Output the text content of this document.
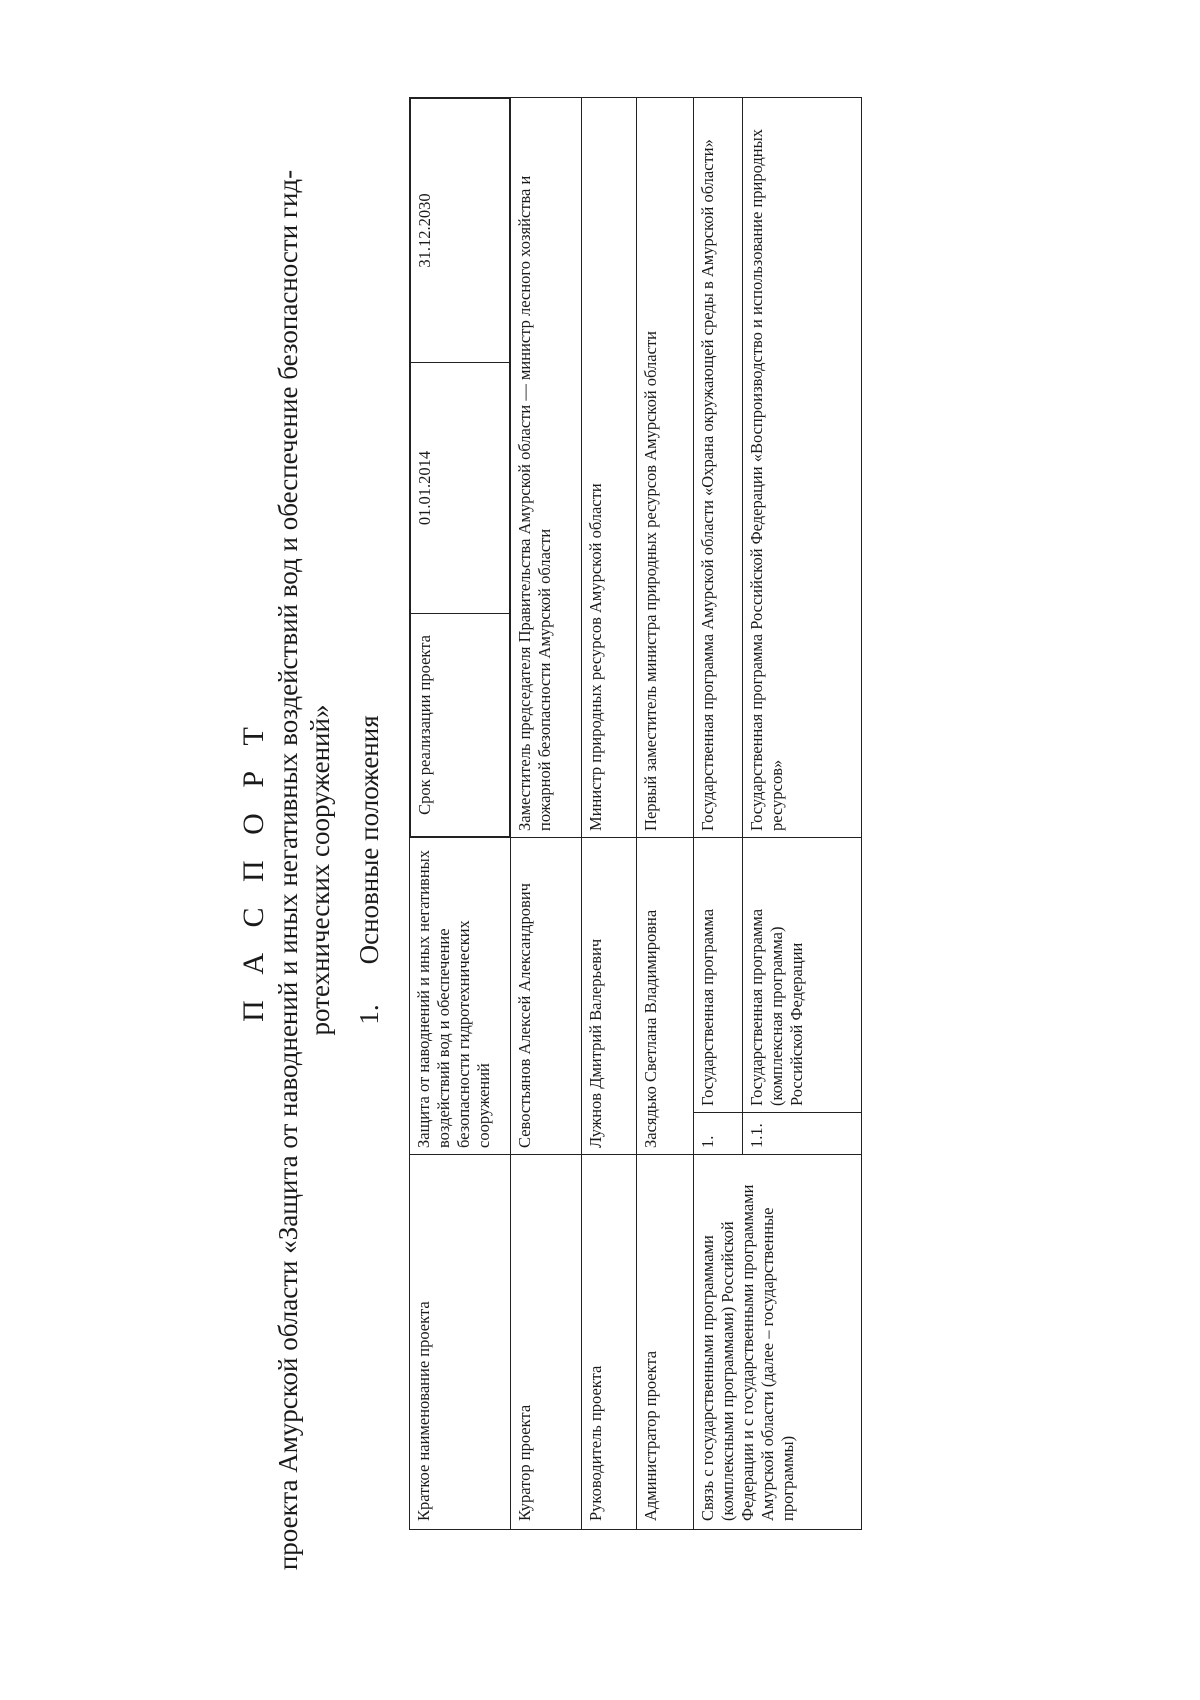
П А С П О Р Т проекта Амурской области «Защита от наводнений и иных негативных воздействий вод и обеспечение безопасности гид- ротехнических сооружений» 1.Основные положения
Краткое наименование проекта	Защита от наводнений и иных негативных воздействий вод и обеспечение безопасности гидротехнических сооружений	
Срок реализации проекта	01.01.2014	31.12.2030

Куратор проекта	Севостьянов Алексей Александрович	Заместитель председателя Правительства Амурской области — министр лесного хозяйства и пожарной безопасности Амурской области
Руководитель проекта	Лужнов Дмитрий Валерьевич	Министр природных ресурсов Амурской области
Администратор проекта	Засядько Светлана Владимировна	Первый заместитель министра природных ресурсов Амурской области
Связь с государственными программами (комплексными программами) Российской Федерации и с государственными программами Амурской области (далее – государственные программы)	1.	Государственная программа	Государственная программа Амурской области «Охрана окружающей среды в Амурской области»
1.1.	Государственная программа (комплексная программа) Российской Федерации	Государственная программа Российской Федерации «Воспроизводство и использование природных ресурсов»
